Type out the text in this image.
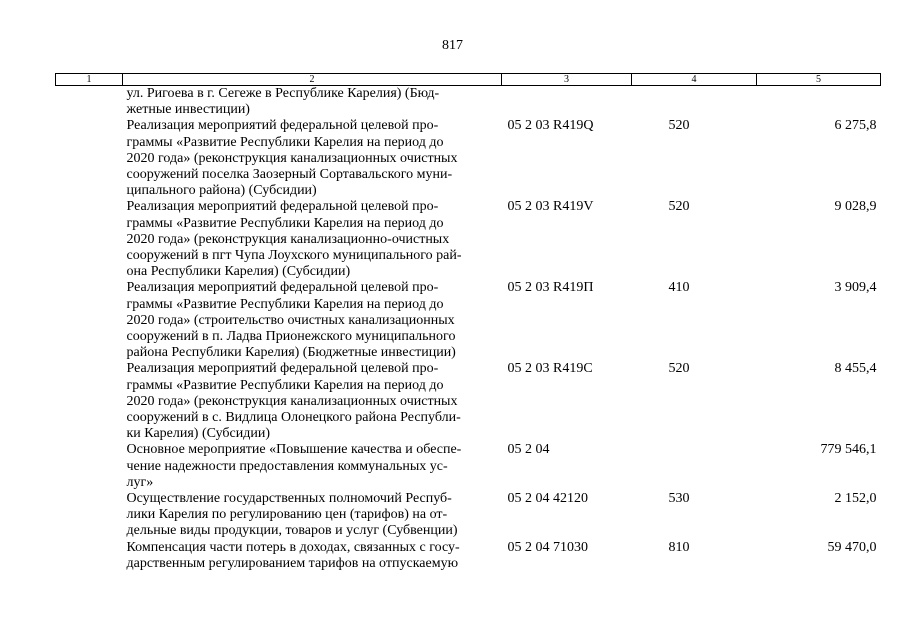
817
1	2	3	4	5
	ул. Ригоева в г. Сегеже в Республике Карелия) (Бюд-
жетные инвестиции)			
	Реализация мероприятий федеральной целевой про-
граммы «Развитие Республики Карелия на период до
2020 года» (реконструкция канализационных очистных
сооружений поселка Заозерный Сортавальского муни-
ципального района) (Субсидии)	05 2 03 R419Q	520	6 275,8
	Реализация мероприятий федеральной целевой про-
граммы «Развитие Республики Карелия на период до
2020 года» (реконструкция канализационно-очистных
сооружений в пгт Чупа Лоухского муниципального рай-
она Республики Карелия) (Субсидии)	05 2 03 R419V	520	9 028,9
	Реализация мероприятий федеральной целевой про-
граммы «Развитие Республики Карелия на период до
2020 года» (строительство очистных канализационных
сооружений в п. Ладва Прионежского муниципального
района Республики Карелия) (Бюджетные инвестиции)	05 2 03 R419П	410	3 909,4
	Реализация мероприятий федеральной целевой про-
граммы «Развитие Республики Карелия на период до
2020 года» (реконструкция канализационных очистных
сооружений в с. Видлица Олонецкого района Республи-
ки Карелия) (Субсидии)	05 2 03 R419С	520	8 455,4
	Основное мероприятие «Повышение качества и обеспе-
чение надежности предоставления коммунальных ус-
луг»	05 2 04		779 546,1
	Осуществление государственных полномочий Респуб-
лики Карелия по регулированию цен (тарифов) на от-
дельные виды продукции, товаров и услуг (Субвенции)	05 2 04 42120	530	2 152,0
	Компенсация части потерь в доходах, связанных с госу-
дарственным регулированием тарифов на отпускаемую	05 2 04 71030	810	59 470,0
